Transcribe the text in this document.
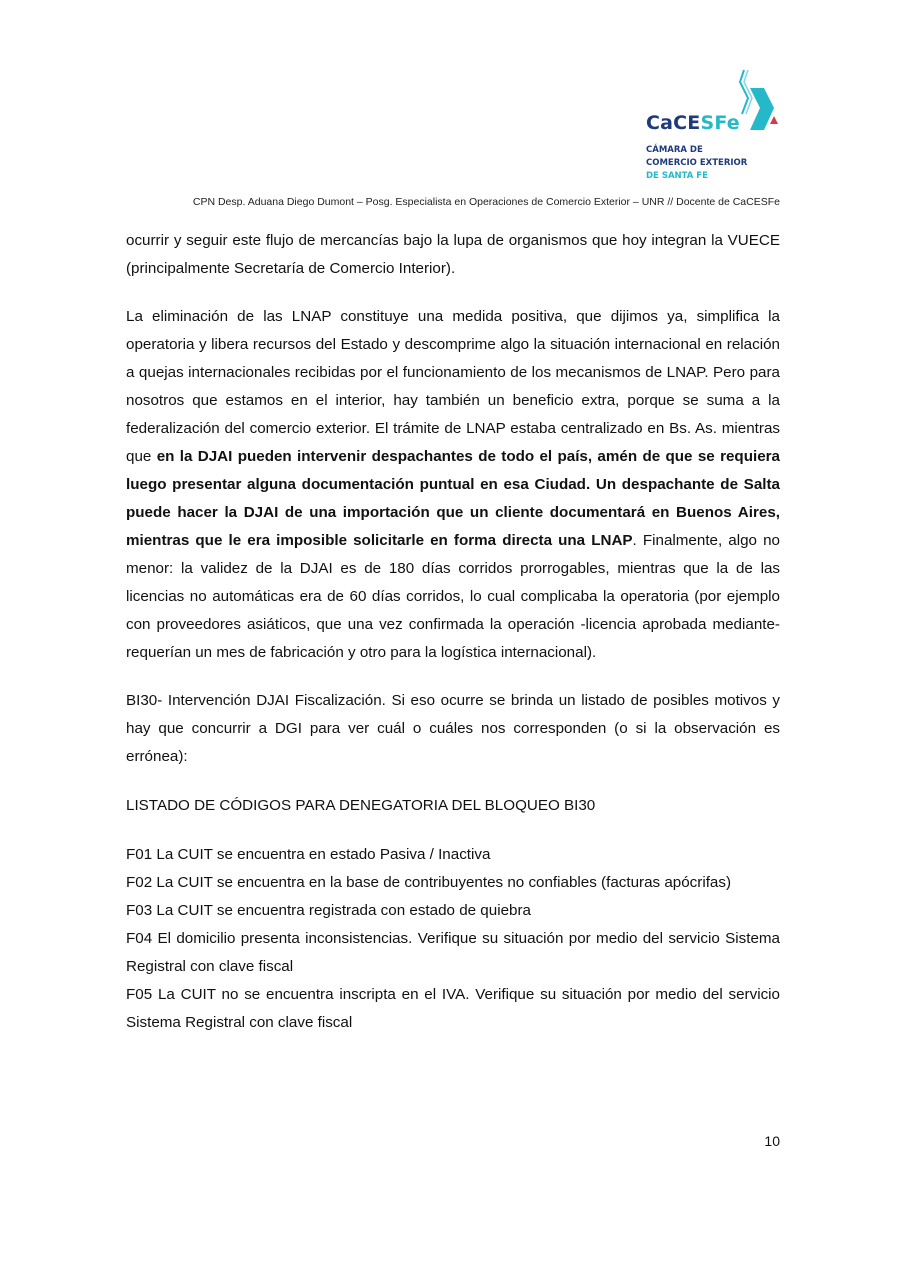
CaCESFe
CÁMARA DE
COMERCIO EXTERIOR
DE SANTA FE
CPN Desp. Aduana Diego Dumont – Posg. Especialista en Operaciones de Comercio Exterior – UNR // Docente de CaCESFe

ocurrir y seguir este flujo de mercancías bajo la lupa de organismos que hoy integran la VUECE (principalmente Secretaría de Comercio Interior).

La eliminación de las LNAP constituye una medida positiva, que dijimos ya, simplifica la operatoria y libera recursos del Estado y descomprime algo la situación internacional en relación a quejas internacionales recibidas por el funcionamiento de los mecanismos de LNAP. Pero para nosotros que estamos en el interior, hay también un beneficio extra, porque se suma a la federalización del comercio exterior. El trámite de LNAP estaba centralizado en Bs. As. mientras que en la DJAI pueden intervenir despachantes de todo el país, amén de que se requiera luego presentar alguna documentación puntual en esa Ciudad. Un despachante de Salta puede hacer la DJAI de una importación que un cliente documentará en Buenos Aires, mientras que le era imposible solicitarle en forma directa una LNAP. Finalmente, algo no menor: la validez de la DJAI es de 180 días corridos prorrogables, mientras que la de las licencias no automáticas era de 60 días corridos, lo cual complicaba la operatoria (por ejemplo con proveedores asiáticos, que una vez confirmada la operación -licencia aprobada mediante- requerían un mes de fabricación y otro para la logística internacional).

BI30- Intervención DJAI Fiscalización. Si eso ocurre se brinda un listado de posibles motivos y hay que concurrir a DGI para ver cuál o cuáles nos corresponden (o si la observación es errónea):

LISTADO DE CÓDIGOS PARA DENEGATORIA DEL BLOQUEO BI30

F01 La CUIT se encuentra en estado Pasiva / Inactiva

F02 La CUIT se encuentra en la base de contribuyentes no confiables (facturas apócrifas)

F03 La CUIT se encuentra registrada con estado de quiebra

F04 El domicilio presenta inconsistencias. Verifique su situación por medio del servicio Sistema Registral con clave fiscal

F05 La CUIT no se encuentra inscripta en el IVA. Verifique su situación por medio del servicio Sistema Registral con clave fiscal

10
